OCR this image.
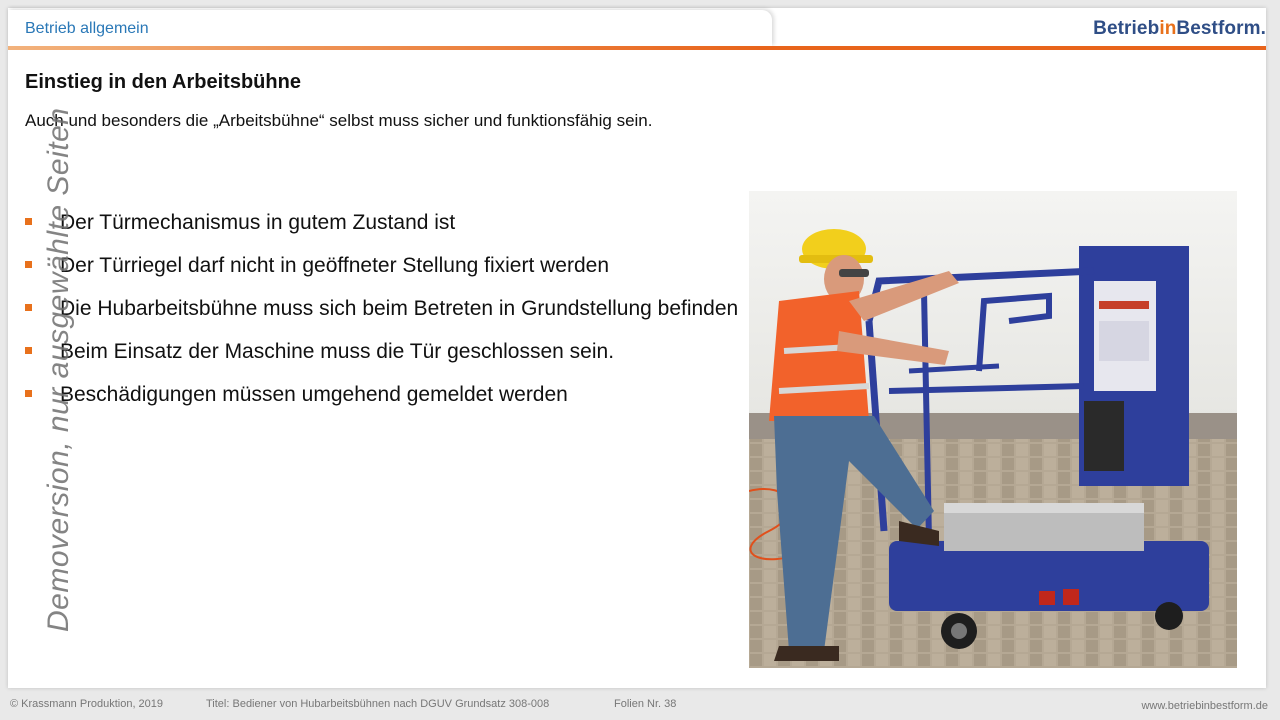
Betrieb allgemein	BetriebinBestform.
Einstieg in den Arbeitsbühne
Auch und besonders die „Arbeitsbühne“ selbst muss sicher und funktionsfähig sein.
Der Türmechanismus in gutem Zustand ist
Der Türriegel darf nicht in geöffneter Stellung fixiert werden
Die Hubarbeitsbühne muss sich beim Betreten in Grundstellung befinden
Beim Einsatz der Maschine muss die Tür geschlossen sein.
Beschädigungen müssen umgehend gemeldet werden
Demoversion, nur ausgewählte Seiten
© Krassmann Produktion, 2019	Titel: Bediener von Hubarbeitsbühnen nach DGUV Grundsatz 308-008	Folien Nr. 38	www.betriebinbestform.de
